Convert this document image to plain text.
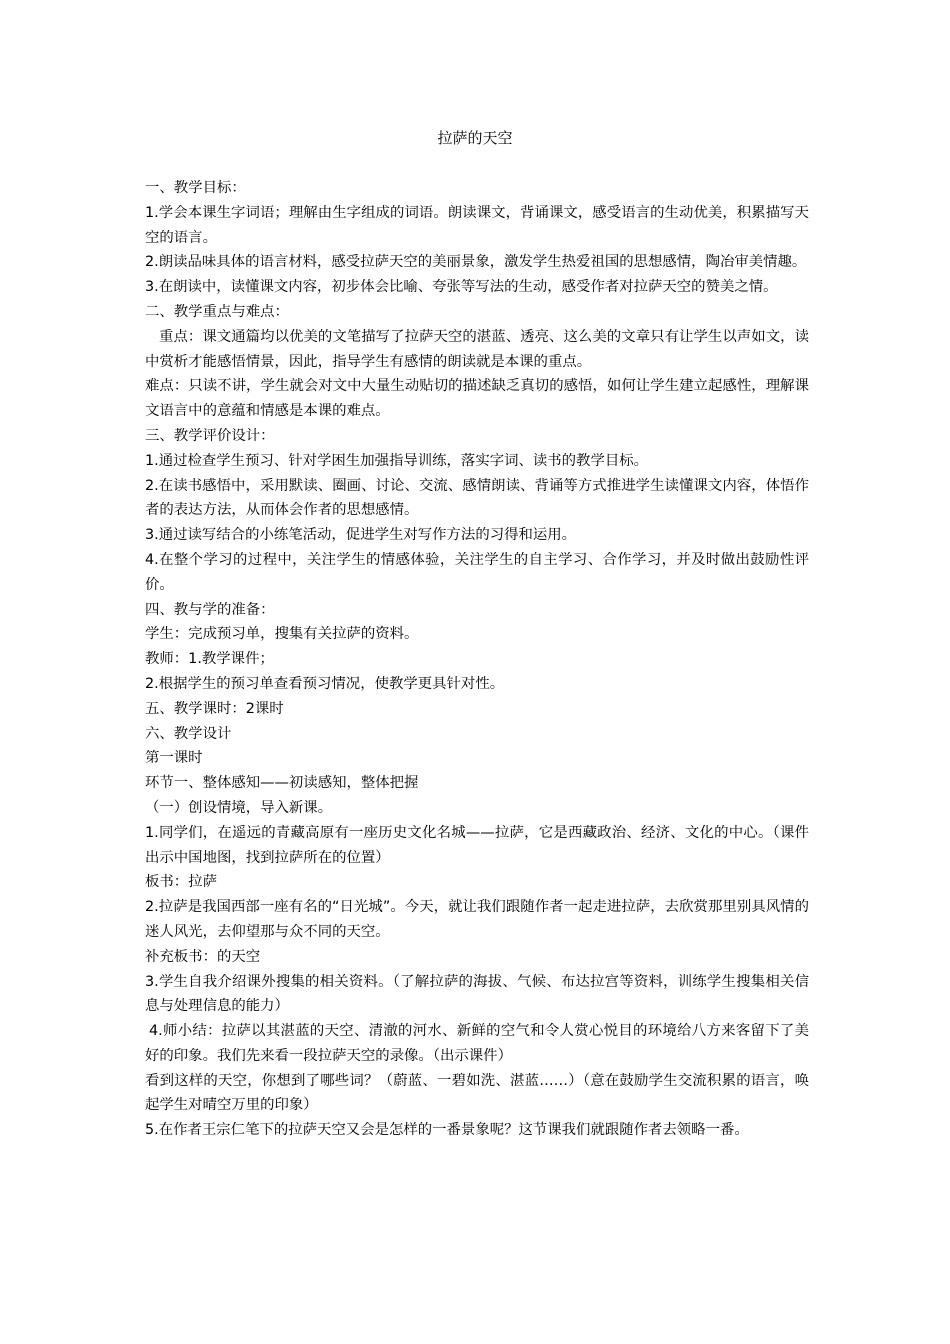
拉萨的天空

一、教学目标：

1.学会本课生字词语；理解由生字组成的词语。朗读课文，背诵课文，感受语言的生动优美，积累描写天空的语言。

2.朗读品味具体的语言材料，感受拉萨天空的美丽景象，激发学生热爱祖国的思想感情，陶冶审美情趣。

3.在朗读中，读懂课文内容，初步体会比喻、夸张等写法的生动，感受作者对拉萨天空的赞美之情。

二、教学重点与难点：

重点：课文通篇均以优美的文笔描写了拉萨天空的湛蓝、透亮、这么美的文章只有让学生以声如文，读中赏析才能感悟情景，因此，指导学生有感情的朗读就是本课的重点。

难点：只读不讲，学生就会对文中大量生动贴切的描述缺乏真切的感悟，如何让学生建立起感性，理解课文语言中的意蕴和情感是本课的难点。

三、教学评价设计：

1.通过检查学生预习、针对学困生加强指导训练，落实字词、读书的教学目标。

2.在读书感悟中，采用默读、圈画、讨论、交流、感情朗读、背诵等方式推进学生读懂课文内容，体悟作者的表达方法，从而体会作者的思想感情。

3.通过读写结合的小练笔活动，促进学生对写作方法的习得和运用。

4.在整个学习的过程中，关注学生的情感体验，关注学生的自主学习、合作学习，并及时做出鼓励性评价。

四、教与学的准备：

学生：完成预习单，搜集有关拉萨的资料。

教师：1.教学课件；

2.根据学生的预习单查看预习情况，使教学更具针对性。

五、教学课时：2课时

六、教学设计

第一课时

环节一、整体感知——初读感知，整体把握

（一）创设情境，导入新课。

1.同学们，在遥远的青藏高原有一座历史文化名城——拉萨，它是西藏政治、经济、文化的中心。（课件出示中国地图，找到拉萨所在的位置）

板书：拉萨

2.拉萨是我国西部一座有名的“日光城”。今天，就让我们跟随作者一起走进拉萨，去欣赏那里别具风情的迷人风光，去仰望那与众不同的天空。

补充板书：的天空

3.学生自我介绍课外搜集的相关资料。（了解拉萨的海拔、气候、布达拉宫等资料，训练学生搜集相关信息与处理信息的能力）

4.师小结：拉萨以其湛蓝的天空、清澈的河水、新鲜的空气和令人赏心悦目的环境给八方来客留下了美好的印象。我们先来看一段拉萨天空的录像。（出示课件）

看到这样的天空，你想到了哪些词？（蔚蓝、一碧如洗、湛蓝……）（意在鼓励学生交流积累的语言，唤起学生对晴空万里的印象）

5.在作者王宗仁笔下的拉萨天空又会是怎样的一番景象呢？这节课我们就跟随作者去领略一番。
